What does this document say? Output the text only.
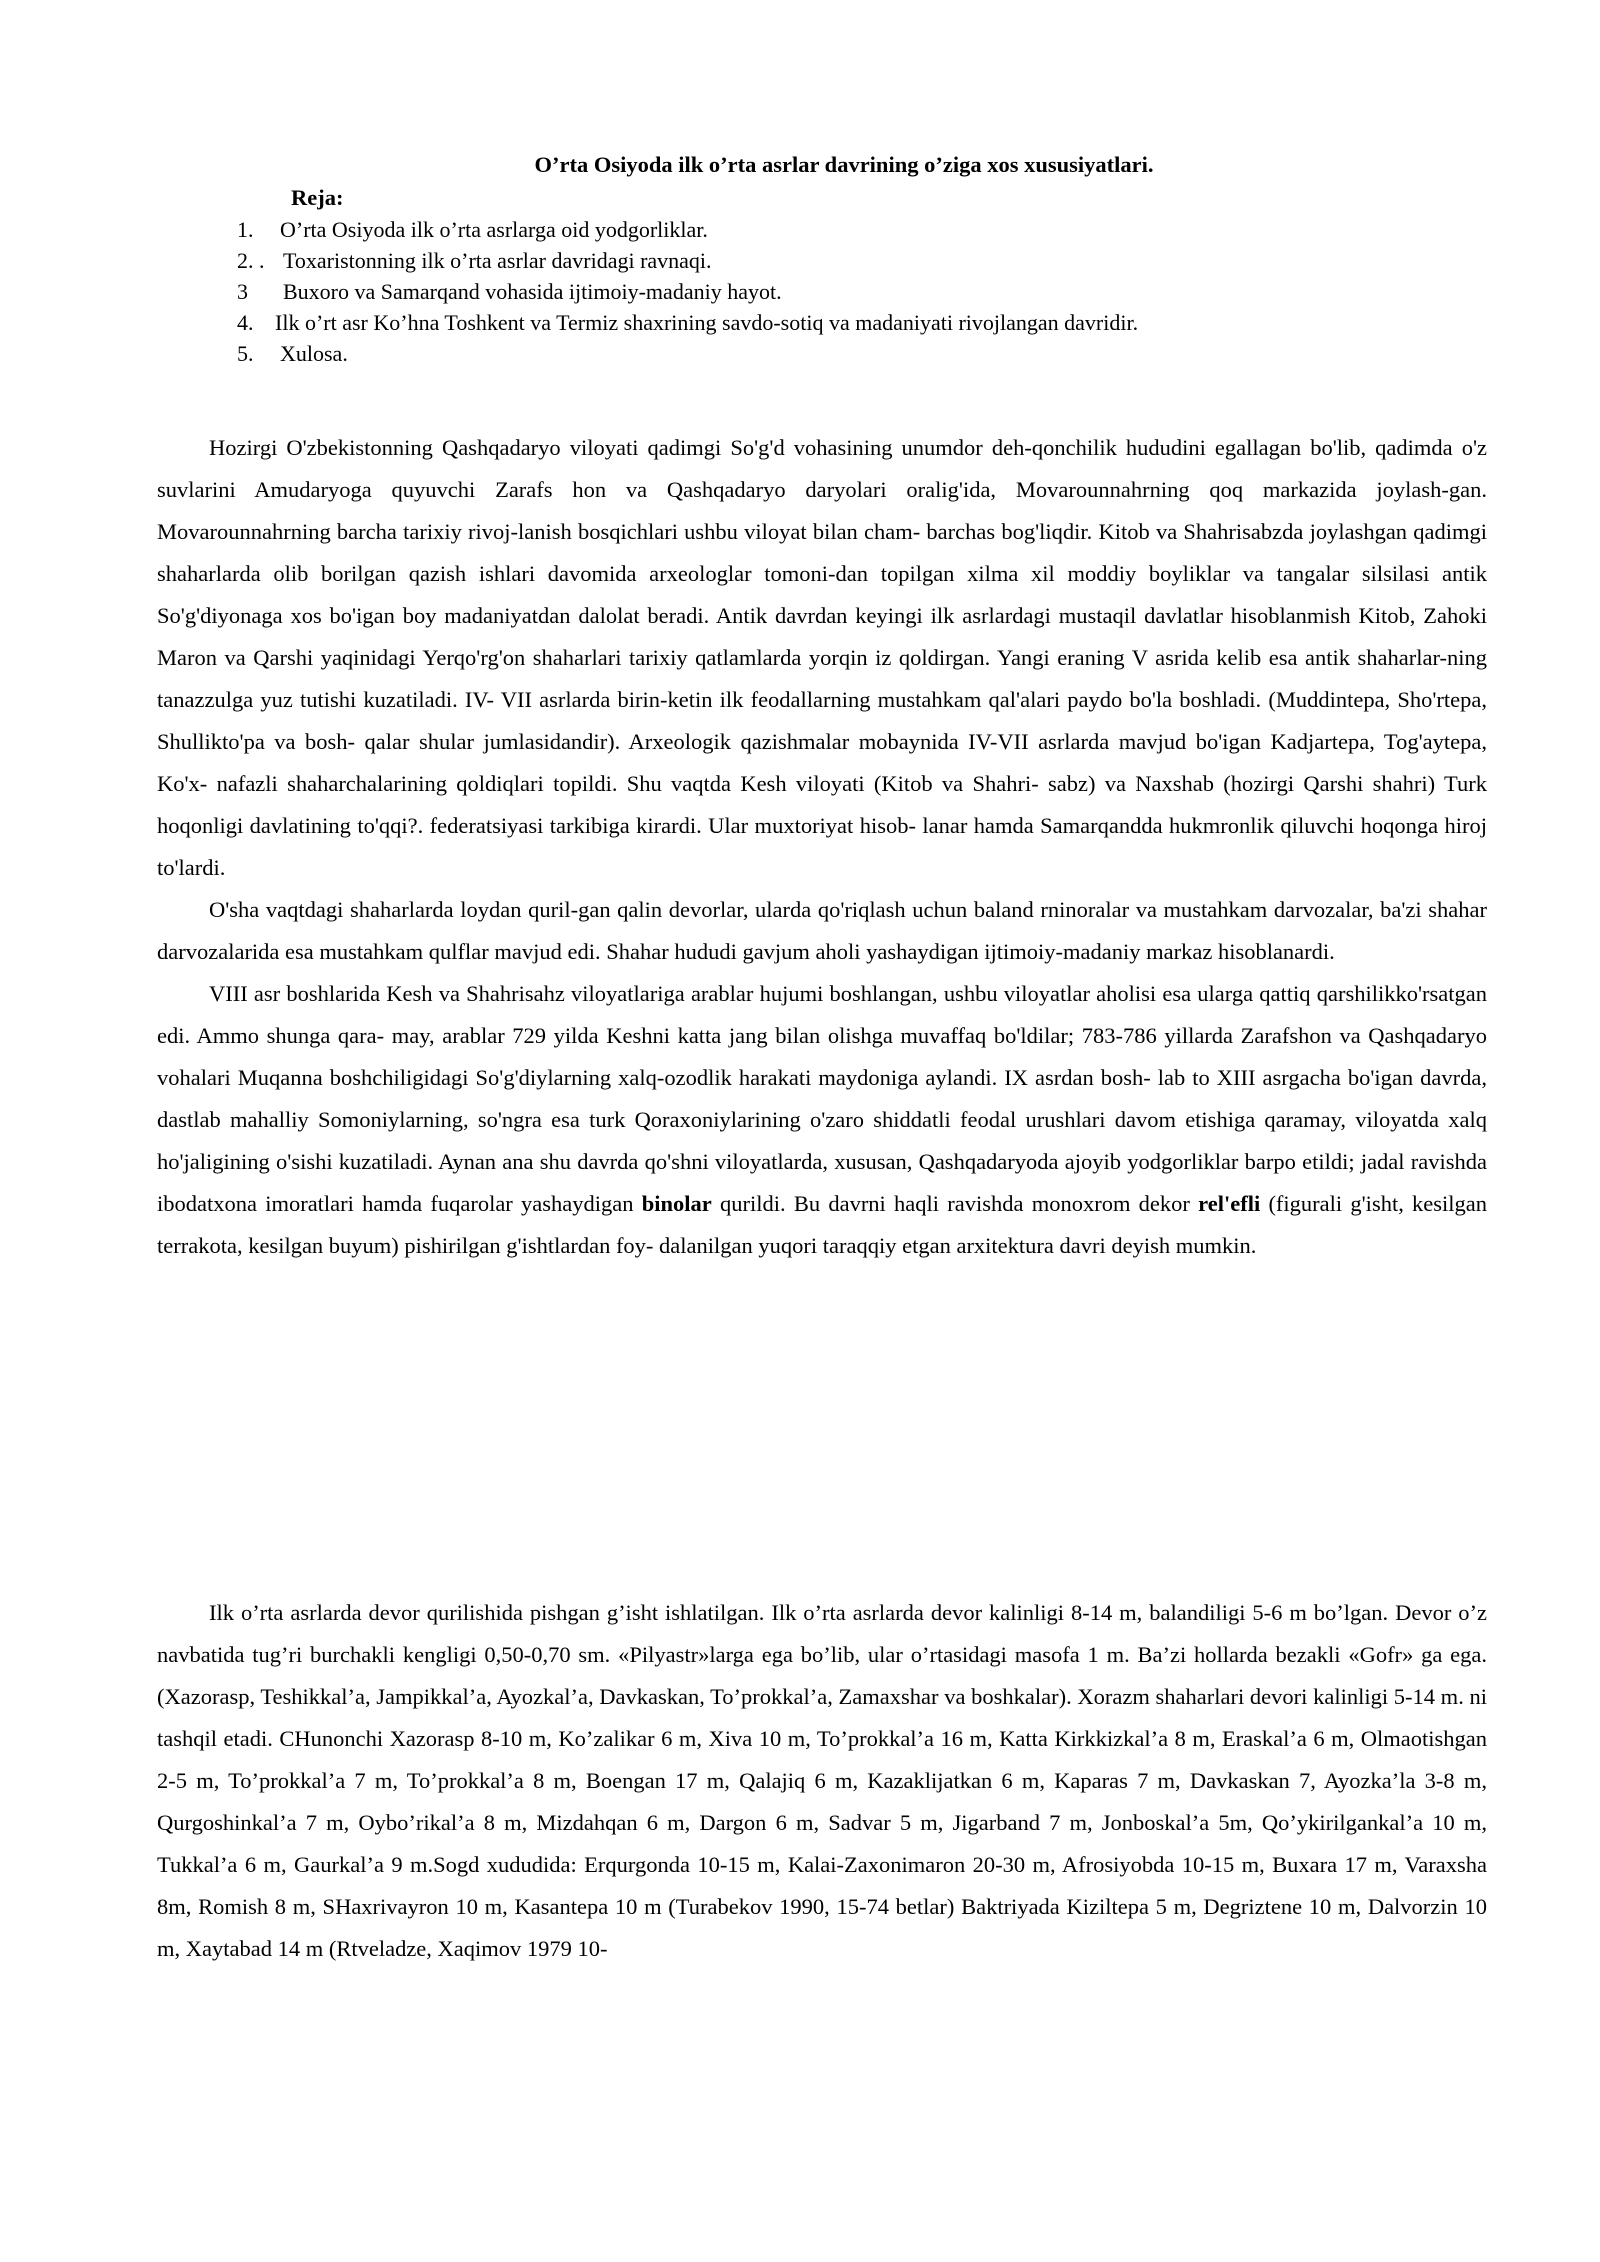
O’rta Osiyoda ilk o’rta asrlar davrining o’ziga xos xususiyatlari.
Reja:
1. O’rta Osiyoda ilk o’rta asrlarga oid yodgorliklar.
2. . Toxaristonning ilk o’rta asrlar davridagi ravnaqi.
3 Buxoro va Samarqand vohasida ijtimoiy-madaniy hayot.
4. Ilk o’rt asr Ko’hna Toshkent va Termiz shaxrining savdo-sotiq va madaniyati rivojlangan davridir.
5. Xulosa.

Hozirgi O'zbekistonning Qashqadaryo viloyati qadimgi So'g'd vohasining unumdor deh-qonchilik hududini egallagan bo'lib, qadimda o'z suvlarini Amudaryoga quyuvchi Zarafs hon va Qashqadaryo daryolari oralig'ida, Movarounnahrning qoq markazida joylash-gan. Movarounnahrning barcha tarixiy rivoj-lanish bosqichlari ushbu viloyat bilan cham- barchas bog'liqdir. Kitob va Shahrisabzda joylashgan qadimgi shaharlarda olib borilgan qazish ishlari davomida arxeologlar tomoni-dan topilgan xilma xil moddiy boyliklar va tangalar silsilasi antik So'g'diyonaga xos bo'igan boy madaniyatdan dalolat beradi. Antik davrdan keyingi ilk asrlardagi mustaqil davlatlar hisoblanmish Kitob, Zahoki Maron va Qarshi yaqinidagi Yerqo'rg'on shaharlari tarixiy qatlamlarda yorqin iz qoldirgan. Yangi eraning V asrida kelib esa antik shaharlar-ning tanazzulga yuz tutishi kuzatiladi. IV- VII asrlarda birin-ketin ilk feodallarning mustahkam qal'alari paydo bo'la boshladi. (Muddintepa, Sho'rtepa, Shullikto'pa va bosh- qalar shular jumlasidandir). Arxeologik qazishmalar mobaynida IV-VII asrlarda mavjud bo'igan Kadjartepa, Tog'aytepa, Ko'x- nafazli shaharchalarining qoldiqlari topildi. Shu vaqtda Kesh viloyati (Kitob va Shahri- sabz) va Naxshab (hozirgi Qarshi shahri) Turk hoqonligi davlatining to'qqi?. federatsiyasi tarkibiga kirardi. Ular muxtoriyat hisob- lanar hamda Samarqandda hukmronlik qiluvchi hoqonga hiroj to'lardi.

O'sha vaqtdagi shaharlarda loydan quril-gan qalin devorlar, ularda qo'riqlash uchun baland rninoralar va mustahkam darvozalar, ba'zi shahar darvozalarida esa mustahkam qulflar mavjud edi. Shahar hududi gavjum aholi yashaydigan ijtimoiy-madaniy markaz hisoblanardi.

VIII asr boshlarida Kesh va Shahrisahz viloyatlariga arablar hujumi boshlangan, ushbu viloyatlar aholisi esa ularga qattiq qarshilikko'rsatgan edi. Ammo shunga qara- may, arablar 729 yilda Keshni katta jang bilan olishga muvaffaq bo'ldilar; 783-786 yillarda Zarafshon va Qashqadaryo vohalari Muqanna boshchiligidagi So'g'diylarning xalq-ozodlik harakati maydoniga aylandi. IX asrdan bosh- lab to XIII asrgacha bo'igan davrda, dastlab mahalliy Somoniylarning, so'ngra esa turk Qoraxoniylarining o'zaro shiddatli feodal urushlari davom etishiga qaramay, viloyatda xalq ho'jaligining o'sishi kuzatiladi. Aynan ana shu davrda qo'shni viloyatlarda, xususan, Qashqadaryoda ajoyib yodgorliklar barpo etildi; jadal ravishda ibodatxona imoratlari hamda fuqarolar yashaydigan binolar qurildi. Bu davrni haqli ravishda monoxrom dekor rel'efli (figurali g'isht, kesilgan terrakota, kesilgan buyum) pishirilgan g'ishtlardan foy- dalanilgan yuqori taraqqiy etgan arxitektura davri deyish mumkin.

Ilk o’rta asrlarda devor qurilishida pishgan g’isht ishlatilgan. Ilk o’rta asrlarda devor kalinligi 8-14 m, balandiligi 5-6 m bo’lgan. Devor o’z navbatida tug’ri burchakli kengligi 0,50-0,70 sm. «Pilyastr»larga ega bo’lib, ular o’rtasidagi masofa 1 m. Ba’zi hollarda bezakli «Gofr» ga ega. (Xazorasp, Teshikkal’a, Jampikkal’a, Ayozkal’a, Davkaskan, To’prokkal’a, Zamaxshar va boshkalar). Xorazm shaharlari devori kalinligi 5-14 m. ni tashqil etadi. CHunonchi Xazorasp 8-10 m, Ko’zalikar 6 m, Xiva 10 m, To’prokkal’a 16 m, Katta Kirkkizkal’a 8 m, Eraskal’a 6 m, Olmaotishgan 2-5 m, To’prokkal’a 7 m, To’prokkal’a 8 m, Boengan 17 m, Qalajiq 6 m, Kazaklijatkan 6 m, Kaparas 7 m, Davkaskan 7, Ayozka’la 3-8 m, Qurgoshinkal’a 7 m, Oybo’rikal’a 8 m, Mizdahqan 6 m, Dargon 6 m, Sadvar 5 m, Jigarband 7 m, Jonboskal’a 5m, Qo’ykirilgankal’a 10 m, Tukkal’a 6 m, Gaurkal’a 9 m.Sogd xududida: Erqurgonda 10-15 m, Kalai-Zaxonimaron 20-30 m, Afrosiyobda 10-15 m, Buxara 17 m, Varaxsha 8m, Romish 8 m, SHaxrivayron 10 m, Kasantepa 10 m (Turabekov 1990, 15-74 betlar) Baktriyada Kiziltepa 5 m, Degriztene 10 m, Dalvorzin 10 m, Xaytabad 14 m (Rtveladze, Xaqimov 1979 10-
